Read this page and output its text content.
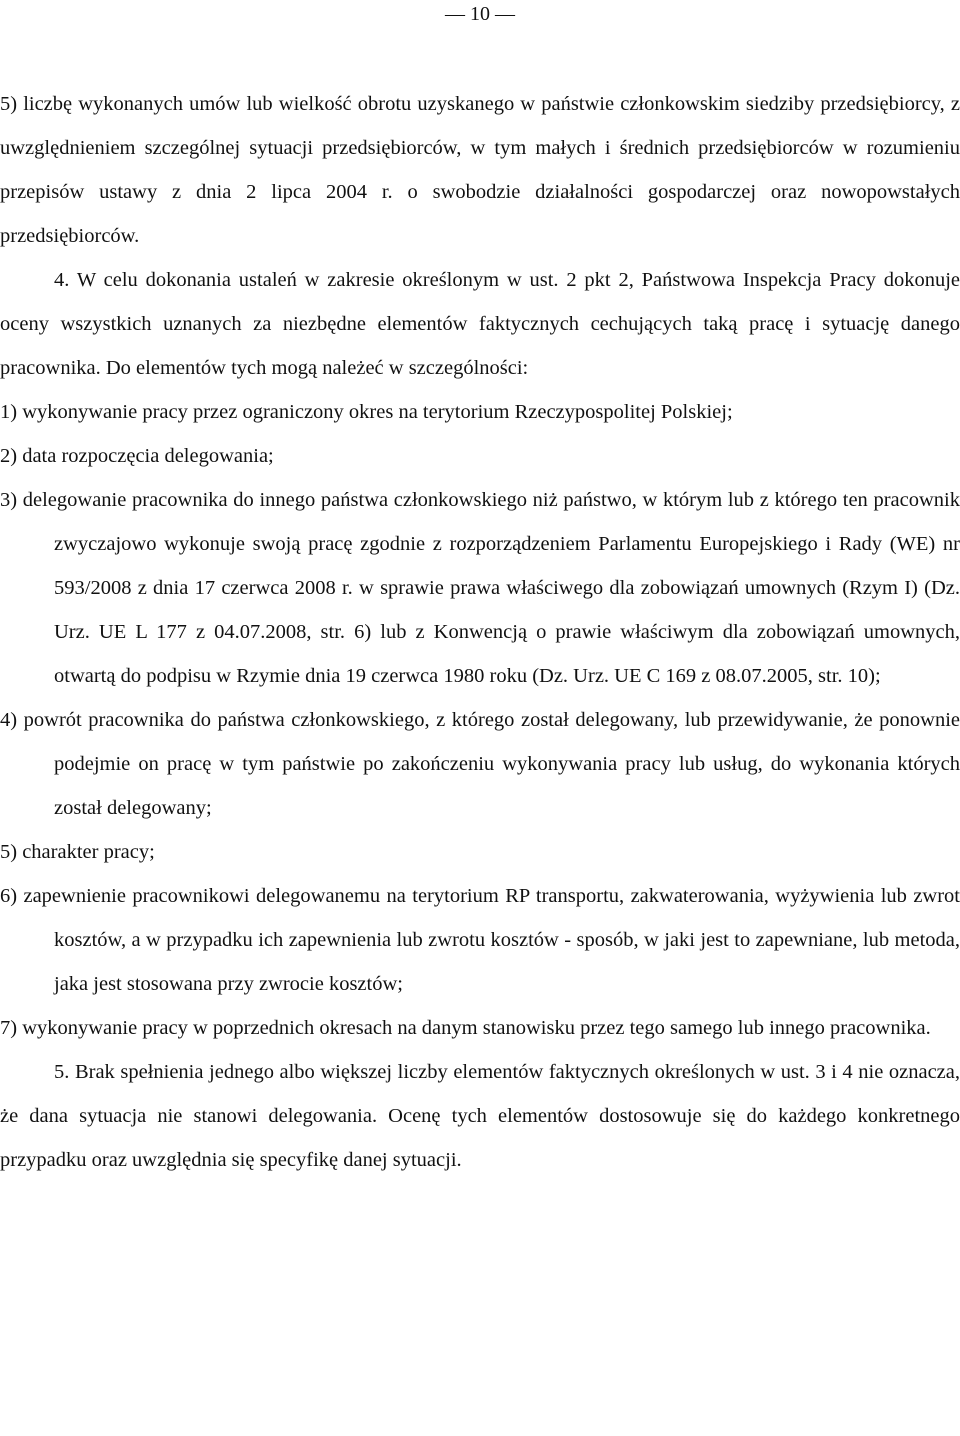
— 10 —

5) liczbę wykonanych umów lub wielkość obrotu uzyskanego w państwie członkowskim siedziby przedsiębiorcy, z uwzględnieniem szczególnej sytuacji przedsiębiorców, w tym małych i średnich przedsiębiorców w rozumieniu przepisów ustawy z dnia 2 lipca 2004 r. o swobodzie działalności gospodarczej oraz nowopowstałych przedsiębiorców.

4. W celu dokonania ustaleń w zakresie określonym w ust. 2 pkt 2, Państwowa Inspekcja Pracy dokonuje oceny wszystkich uznanych za niezbędne elementów faktycznych cechujących taką pracę i sytuację danego pracownika. Do elementów tych mogą należeć w szczególności:

1) wykonywanie pracy przez ograniczony okres na terytorium Rzeczypospolitej Polskiej;

2) data rozpoczęcia delegowania;

3) delegowanie pracownika do innego państwa członkowskiego niż państwo, w którym lub z którego ten pracownik zwyczajowo wykonuje swoją pracę zgodnie z rozporządzeniem Parlamentu Europejskiego i Rady (WE) nr 593/2008 z dnia 17 czerwca 2008 r. w sprawie prawa właściwego dla zobowiązań umownych (Rzym I) (Dz. Urz. UE L 177 z 04.07.2008, str. 6) lub z Konwencją o prawie właściwym dla zobowiązań umownych, otwartą do podpisu w Rzymie dnia 19 czerwca 1980 roku (Dz. Urz. UE C 169 z 08.07.2005, str. 10);

4) powrót pracownika do państwa członkowskiego, z którego został delegowany, lub przewidywanie, że ponownie podejmie on pracę w tym państwie po zakończeniu wykonywania pracy lub usług, do wykonania których został delegowany;

5) charakter pracy;

6) zapewnienie pracownikowi delegowanemu na terytorium RP transportu, zakwaterowania, wyżywienia lub zwrot kosztów, a w przypadku ich zapewnienia lub zwrotu kosztów - sposób, w jaki jest to zapewniane, lub metoda, jaka jest stosowana przy zwrocie kosztów;

7) wykonywanie pracy w poprzednich okresach na danym stanowisku przez tego samego lub innego pracownika.

5. Brak spełnienia jednego albo większej liczby elementów faktycznych określonych w ust. 3 i 4 nie oznacza, że dana sytuacja nie stanowi delegowania. Ocenę tych elementów dostosowuje się do każdego konkretnego przypadku oraz uwzględnia się specyfikę danej sytuacji.
